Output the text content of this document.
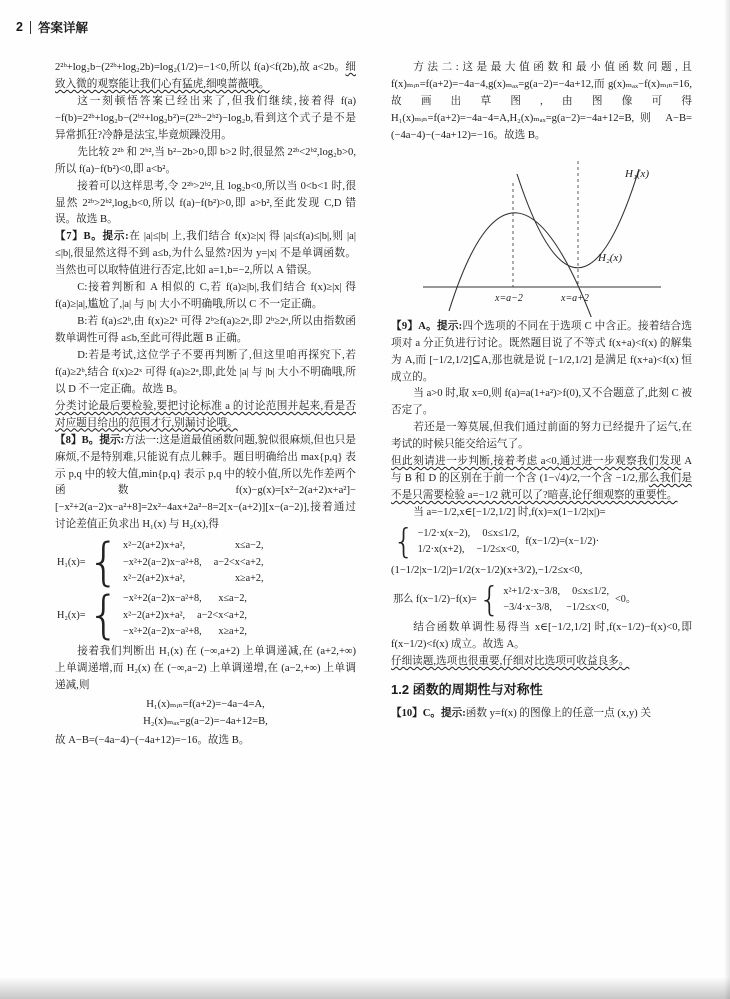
2 答案详解

2²ᵇ+log₂b−(2²ᵇ+log₂2b)=log₂(1/2)=−1<0,所以 f(a)<f(2b),故 a<2b。细致入微的观察能让我们心有猛虎,细嗅蔷薇哦。

这一刻顿悟答案已经出来了,但我们继续,接着得 f(a)−f(b)=2²ᵇ+log₂b−(2ᵇ²+log₂b²)=(2²ᵇ−2ᵇ²)−log₂b,看到这个式子是不是异常抓狂?冷静是法宝,毕竟烦躁没用。

先比较 2²ᵇ 和 2ᵇ²,当 b²−2b>0,即 b>2 时,很显然 2²ᵇ<2ᵇ²,log₂b>0,所以 f(a)−f(b²)<0,即 a<b²。

接着可以这样思考,令 2²ᵇ>2ᵇ²,且 log₂b<0,所以当 0<b<1 时,很显然 2²ᵇ>2ᵇ²,log₂b<0,所以 f(a)−f(b²)>0,即 a>b²,至此发现 C,D 错误。故选 B。

【7】B。提示:在 |a|≤|b| 上,我们结合 f(x)≥|x| 得 |a|≤f(a)≤|b|,则 |a|≤|b|,很显然这得不到 a≤b,为什么显然?因为 y=|x| 不是单调函数。当然也可以取特值进行否定,比如 a=1,b=−2,所以 A 错误。

C:接着判断和 A 相似的 C,若 f(a)≥|b|,我们结合 f(x)≥|x| 得 f(a)≥|a|,尴尬了,|a| 与 |b| 大小不明确哦,所以 C 不一定正确。

B:若 f(a)≤2ᵇ,由 f(x)≥2ˣ 可得 2ᵇ≥f(a)≥2ᵃ,即 2ᵇ≥2ᵃ,所以由指数函数单调性可得 a≤b,至此可得此题 B 正确。

D:若是考试,这位学子不要再判断了,但这里咱再探究下,若 f(a)≥2ᵇ,结合 f(x)≥2ˣ 可得 f(a)≥2ᵃ,即,此处 |a| 与 |b| 大小不明确哦,所以 D 不一定正确。故选 B。

分类讨论最后要检验,要把讨论标准 a 的讨论范围并起来,看是否对应题目给出的范围才行,别漏讨论哦。

【8】B。提示:方法一:这是道最值函数问题,貌似很麻烦,但也只是麻烦,不是特别难,只能说有点儿棘手。题目明确给出 max{p,q} 表示 p,q 中的较大值,min{p,q} 表示 p,q 中的较小值,所以先作差两个函数 f(x)−g(x)=[x²−2(a+2)x+a²]−[−x²+2(a−2)x−a²+8]=2x²−4ax+2a²−8=2[x−(a+2)][x−(a−2)],接着通过讨论差值正负求出 H₁(x) 与 H₂(x),得

H₁(x)= { x²−2(a+2)x+a²,	x≤a−2,
−x²+2(a−2)x−a²+8, a−2<x<a+2,
x²−2(a+2)x+a²,	x≥a+2,
H₂(x)= { −x²+2(a−2)x−a²+8, x≤a−2,
x²−2(a+2)x+a², a−2<x<a+2,
−x²+2(a−2)x−a²+8, x≥a+2,

接着我们判断出 H₁(x) 在 (−∞,a+2) 上单调递减,在 (a+2,+∞) 上单调递增,而 H₂(x) 在 (−∞,a−2) 上单调递增,在 (a−2,+∞) 上单调递减,则

H₁(x)ₘᵢₙ=f(a+2)=−4a−4=A,
H₂(x)ₘₐₓ=g(a−2)=−4a+12=B,

故 A−B=(−4a−4)−(−4a+12)=−16。故选 B。

方法二:这是最大值函数和最小值函数问题,且 f(x)ₘᵢₙ=f(a+2)=−4a−4,g(x)ₘₐₓ=g(a−2)=−4a+12,而 g(x)ₘₐₓ−f(x)ₘᵢₙ=16,故画出草图,由图像可得 H₁(x)ₘᵢₙ=f(a+2)=−4a−4=A,H₂(x)ₘₐₓ=g(a−2)=−4a+12=B,则 A−B=(−4a−4)−(−4a+12)=−16。故选 B。

H₁(x)
H₂(x)
x=a−2	x=a+2

【9】A。提示:四个选项的不同在于选项 C 中含正。接着结合选项对 a 分正负进行讨论。既然题目说了不等式 f(x+a)<f(x) 的解集为 A,而 [−1/2,1/2]⊆A,那也就是说 [−1/2,1/2] 是满足 f(x+a)<f(x) 恒成立的。

当 a>0 时,取 x=0,则 f(a)=a(1+a²)>f(0),又不合题意了,此刻 C 被否定了。

若还是一筹莫展,但我们通过前面的努力已经提升了运气,在考试的时候只能交给运气了。

但此刻请进一步判断,接着考虑 a<0,通过进一步观察我们发现 A 与 B 和 D 的区别在于前一个含 (1−√4)/2,一个含 −1/2,那么我们是不是只需要检验 a=−1/2 就可以了?暗喜,论仔细观察的重要性。

当 a=−1/2,x∈[−1/2,1/2] 时,f(x)=x(1−1/2|x|)=

{ −1/2·x(x−2), 0≤x≤1/2,
1/2·x(x+2), −1/2≤x<0,
f(x−1/2)=(x−1/2)·

(1−1/2|x−1/2|)=1/2(x−1/2)(x+3/2),−1/2≤x<0,

那么 f(x−1/2)−f(x)= { x²+1/2·x−3/8, 0≤x≤1/2,
−3/4·x−3/8, −1/2≤x<0,
<0。

结合函数单调性易得当 x∈[−1/2,1/2] 时,f(x−1/2)−f(x)<0,即 f(x−1/2)<f(x) 成立。故选 A。

仔细读题,选项也很重要,仔细对比选项可收益良多。

1.2 函数的周期性与对称性

【10】C。提示:函数 y=f(x) 的图像上的任意一点 (x,y) 关
